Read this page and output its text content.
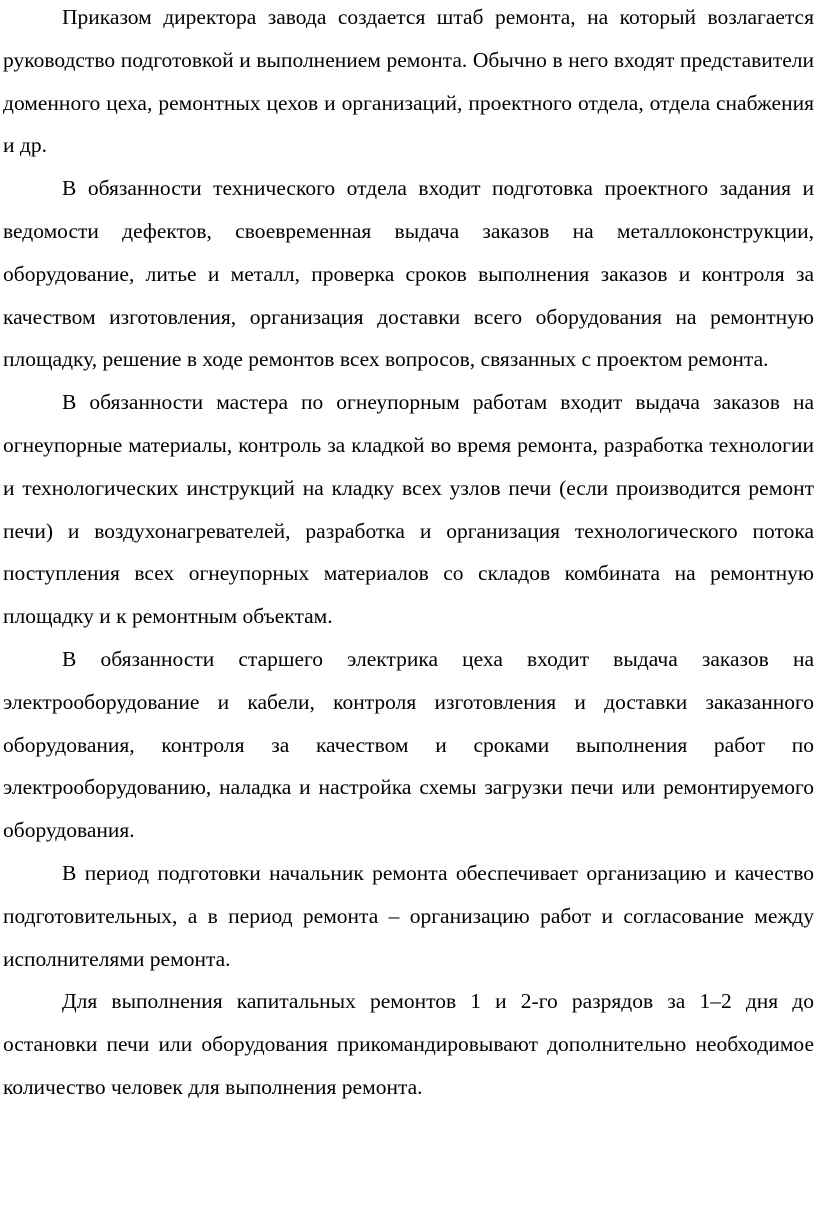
Приказом директора завода создается штаб ремонта, на который возлагается руководство подготовкой и выполнением ремонта. Обычно в него входят представители доменного цеха, ремонтных цехов и организаций, проектного отдела, отдела снабжения и др.

В обязанности технического отдела входит подготовка проектного задания и ведомости дефектов, своевременная выдача заказов на металлоконструкции, оборудование, литье и металл, проверка сроков выполнения заказов и контроля за качеством изготовления, организация доставки всего оборудования на ремонтную площадку, решение в ходе ремонтов всех вопросов, связанных с проектом ремонта.

В обязанности мастера по огнеупорным работам входит выдача заказов на огнеупорные материалы, контроль за кладкой во время ремонта, разработка технологии и технологических инструкций на кладку всех узлов печи (если производится ремонт печи) и воздухонагревателей, разработка и организация технологического потока поступления всех огнеупорных материалов со складов комбината на ремонтную площадку и к ремонтным объектам.

В обязанности старшего электрика цеха входит выдача заказов на электрооборудование и кабели, контроля изготовления и доставки заказанного оборудования, контроля за качеством и сроками выполнения работ по электрооборудованию, наладка и настройка схемы загрузки печи или ремонтируемого оборудования.

В период подготовки начальник ремонта обеспечивает организацию и качество подготовительных, а в период ремонта – организацию работ и согласование между исполнителями ремонта.

Для выполнения капитальных ремонтов 1 и 2-го разрядов за 1–2 дня до остановки печи или оборудования прикомандировывают дополнительно необходимое количество человек для выполнения ремонта.
